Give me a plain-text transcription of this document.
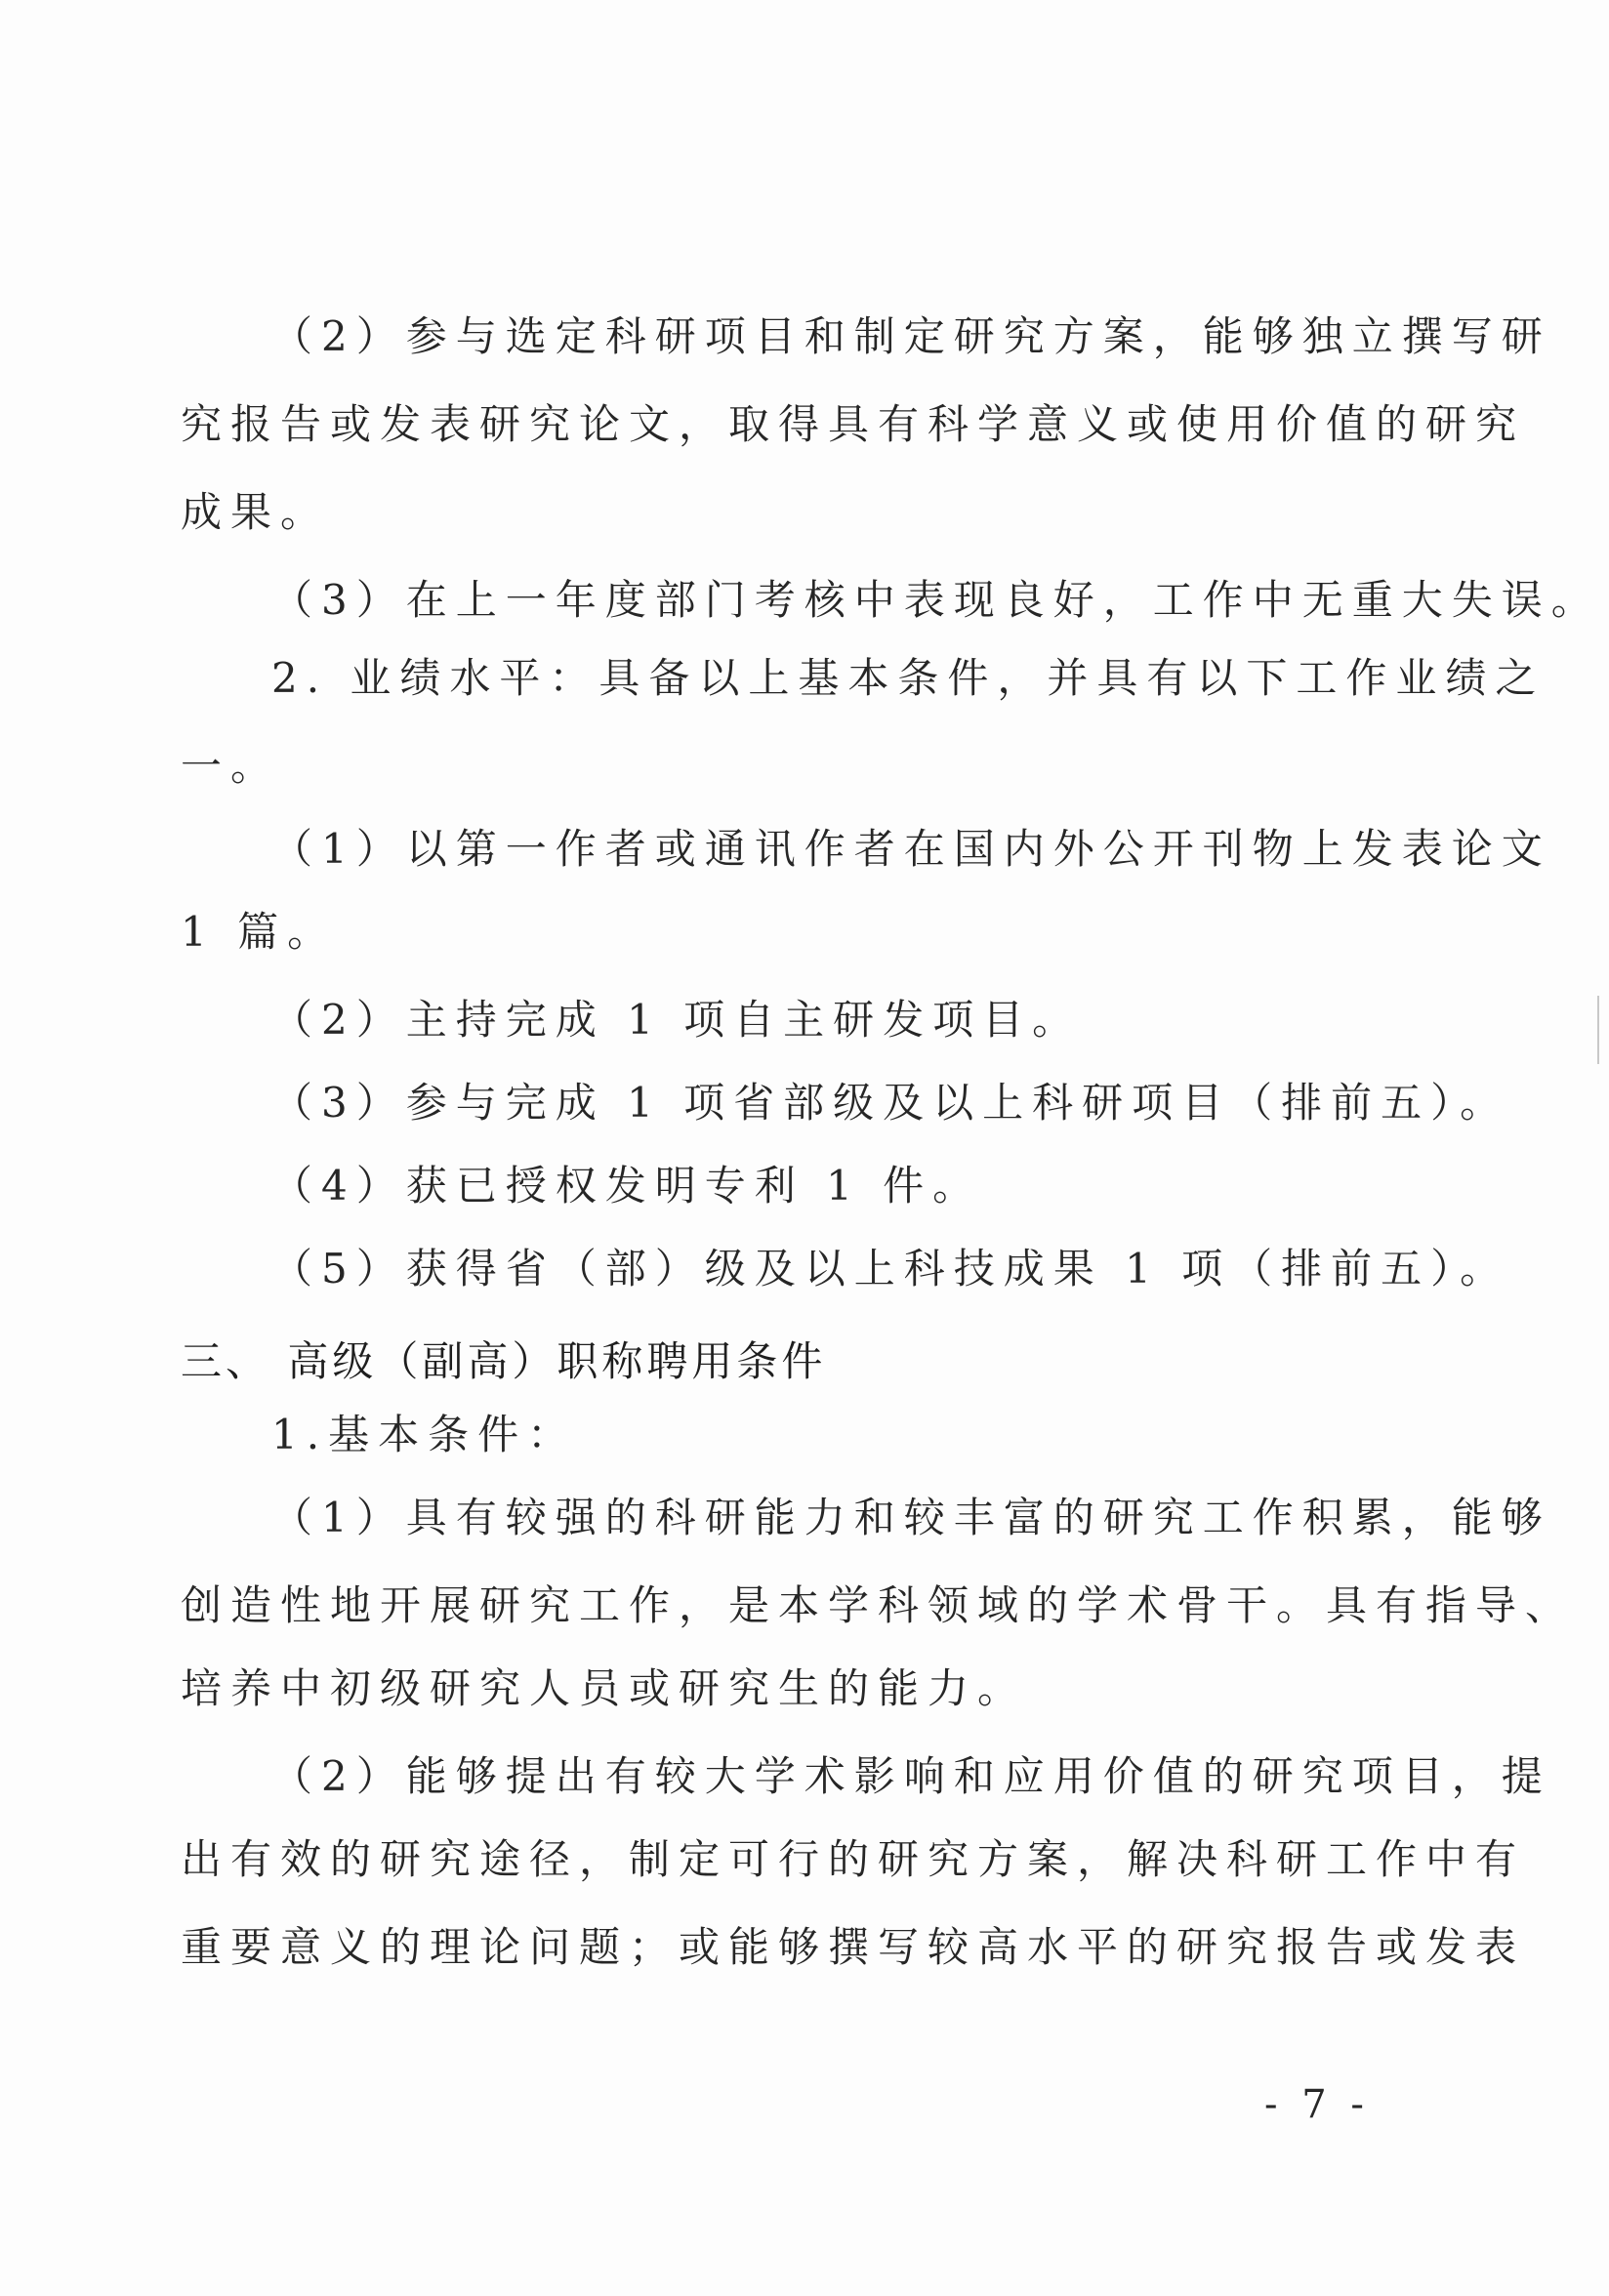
（2）参与选定科研项目和制定研究方案，能够独立撰写研
究报告或发表研究论文，取得具有科学意义或使用价值的研究
成果。
（3）在上一年度部门考核中表现良好，工作中无重大失误。
2. 业绩水平：具备以上基本条件，并具有以下工作业绩之
一。
（1）以第一作者或通讯作者在国内外公开刊物上发表论文
1 篇。
（2）主持完成 1 项自主研发项目。
（3）参与完成 1 项省部级及以上科研项目（排前五）。
（4）获已授权发明专利 1 件。
（5）获得省（部）级及以上科技成果 1 项（排前五）。
三、 高级（副高）职称聘用条件
1.基本条件：
（1）具有较强的科研能力和较丰富的研究工作积累，能够
创造性地开展研究工作，是本学科领域的学术骨干。具有指导、
培养中初级研究人员或研究生的能力。
（2）能够提出有较大学术影响和应用价值的研究项目，提
出有效的研究途径，制定可行的研究方案，解决科研工作中有
重要意义的理论问题；或能够撰写较高水平的研究报告或发表
- 7 -
